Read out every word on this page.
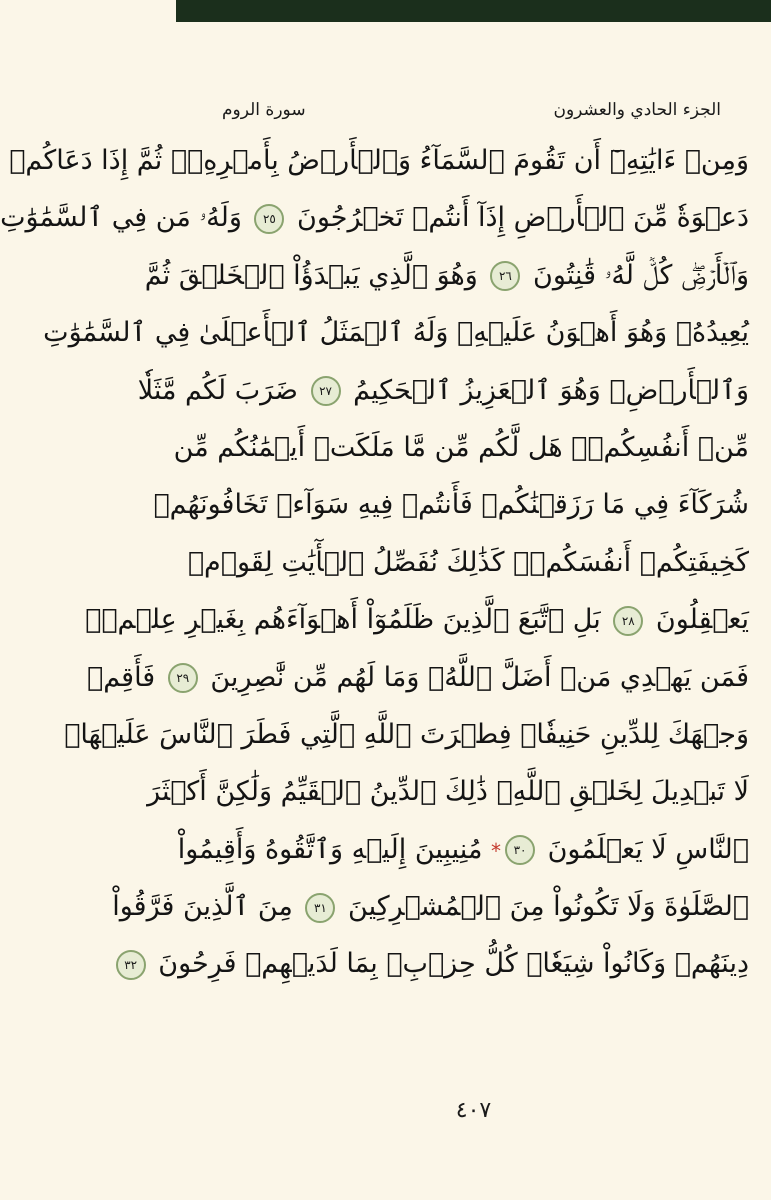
الجزء الحادي والعشرون
سورة الروم
وَمِنۡ ءَايَٰتِهِۦٓ أَن تَقُومَ ٱلسَّمَآءُ وَٱلۡأَرۡضُ بِأَمۡرِهِۦۚ ثُمَّ إِذَا دَعَاكُمۡ
دَعۡوَةٗ مِّنَ ٱلۡأَرۡضِ إِذَآ أَنتُمۡ تَخۡرُجُونَ ٢٥ وَلَهُۥ مَن فِي ٱلسَّمَٰوَٰتِ
وَٱلۡأَرۡضِۖ كُلّٞ لَّهُۥ قَٰنِتُونَ ٢٦ وَهُوَ ٱلَّذِي يَبۡدَؤُاْ ٱلۡخَلۡقَ ثُمَّ
يُعِيدُهُۥ وَهُوَ أَهۡوَنُ عَلَيۡهِۚ وَلَهُ ٱلۡمَثَلُ ٱلۡأَعۡلَىٰ فِي ٱلسَّمَٰوَٰتِ
وَٱلۡأَرۡضِۚ وَهُوَ ٱلۡعَزِيزُ ٱلۡحَكِيمُ ٢٧ ضَرَبَ لَكُم مَّثَلٗا
مِّنۡ أَنفُسِكُمۡۖ هَل لَّكُم مِّن مَّا مَلَكَتۡ أَيۡمَٰنُكُم مِّن
شُرَكَآءَ فِي مَا رَزَقۡنَٰكُمۡ فَأَنتُمۡ فِيهِ سَوَآءٞ تَخَافُونَهُمۡ
كَخِيفَتِكُمۡ أَنفُسَكُمۡۚ كَذَٰلِكَ نُفَصِّلُ ٱلۡأٓيَٰتِ لِقَوۡمٖ
يَعۡقِلُونَ ٢٨ بَلِ ٱتَّبَعَ ٱلَّذِينَ ظَلَمُوٓاْ أَهۡوَآءَهُم بِغَيۡرِ عِلۡمٖۖ
فَمَن يَهۡدِي مَنۡ أَضَلَّ ٱللَّهُۖ وَمَا لَهُم مِّن نَّٰصِرِينَ ٢٩ فَأَقِمۡ
وَجۡهَكَ لِلدِّينِ حَنِيفٗاۚ فِطۡرَتَ ٱللَّهِ ٱلَّتِي فَطَرَ ٱلنَّاسَ عَلَيۡهَاۚ
لَا تَبۡدِيلَ لِخَلۡقِ ٱللَّهِۚ ذَٰلِكَ ٱلدِّينُ ٱلۡقَيِّمُ وَلَٰكِنَّ أَكۡثَرَ
ٱلنَّاسِ لَا يَعۡلَمُونَ ٣٠* مُنِيبِينَ إِلَيۡهِ وَٱتَّقُوهُ وَأَقِيمُواْ
ٱلصَّلَوٰةَ وَلَا تَكُونُواْ مِنَ ٱلۡمُشۡرِكِينَ ٣١ مِنَ ٱلَّذِينَ فَرَّقُواْ
دِينَهُمۡ وَكَانُواْ شِيَعٗاۖ كُلُّ حِزۡبِۭ بِمَا لَدَيۡهِمۡ فَرِحُونَ ٣٢
٤٠٧
